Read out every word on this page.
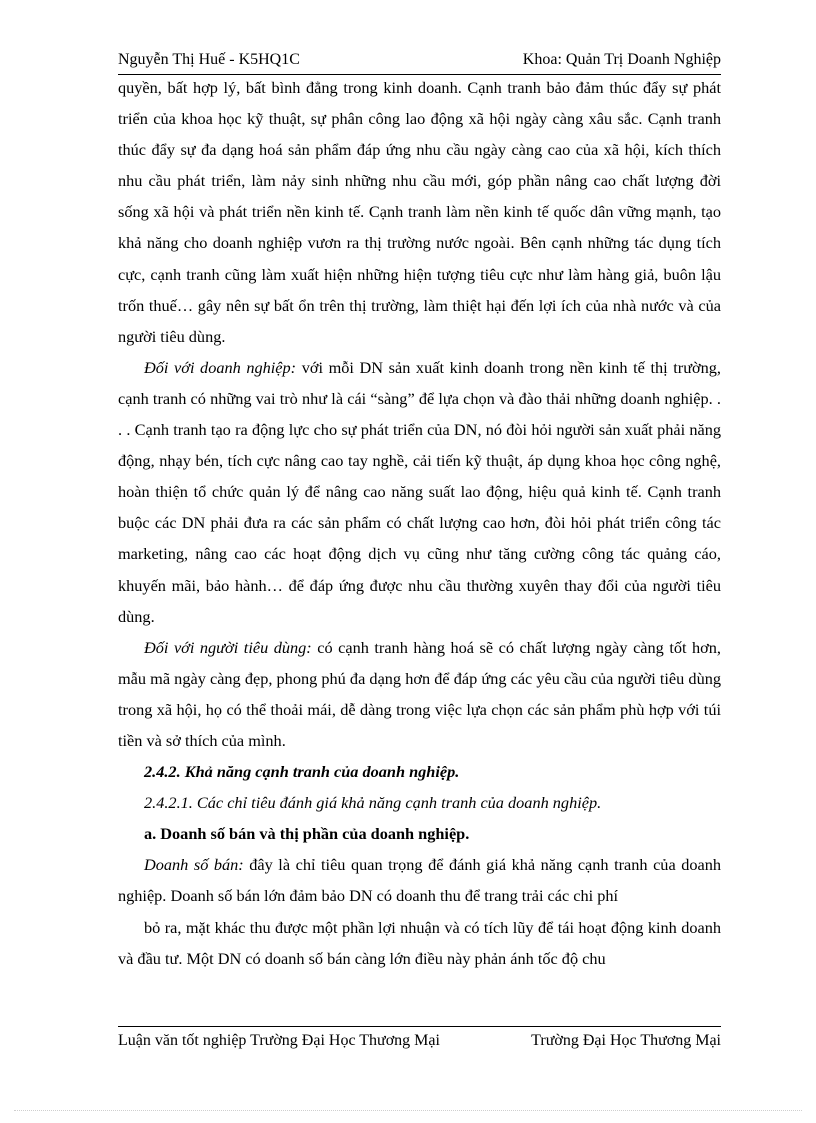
Nguyễn Thị Huế - K5HQ1C	Khoa: Quản Trị Doanh Nghiệp

quyền, bất hợp lý, bất bình đẳng trong kinh doanh. Cạnh tranh bảo đảm thúc đẩy sự phát triển của khoa học kỹ thuật, sự phân công lao động xã hội ngày càng xâu sắc. Cạnh tranh thúc đẩy sự đa dạng hoá sản phẩm đáp ứng nhu cầu ngày càng cao của xã hội, kích thích nhu cầu phát triển, làm nảy sinh những nhu cầu mới, góp phần nâng cao chất lượng đời sống xã hội và phát triển nền kinh tế. Cạnh tranh làm nền kinh tế quốc dân vững mạnh, tạo khả năng cho doanh nghiệp vươn ra thị trường nước ngoài. Bên cạnh những tác dụng tích cực, cạnh tranh cũng làm xuất hiện những hiện tượng tiêu cực như làm hàng giả, buôn lậu trốn thuế… gây nên sự bất ổn trên thị trường, làm thiệt hại đến lợi ích của nhà nước và của người tiêu dùng.

Đối với doanh nghiệp: với mỗi DN sản xuất kinh doanh trong nền kinh tế thị trường, cạnh tranh có những vai trò như là cái “sàng” để lựa chọn và đào thải những doanh nghiệp. . . . Cạnh tranh tạo ra động lực cho sự phát triển của DN, nó đòi hỏi người sản xuất phải năng động, nhạy bén, tích cực nâng cao tay nghề, cải tiến kỹ thuật, áp dụng khoa học công nghệ, hoàn thiện tổ chức quản lý để nâng cao năng suất lao động, hiệu quả kinh tế. Cạnh tranh buộc các DN phải đưa ra các sản phẩm có chất lượng cao hơn, đòi hỏi phát triển công tác marketing, nâng cao các hoạt động dịch vụ cũng như tăng cường công tác quảng cáo, khuyến mãi, bảo hành… để đáp ứng được nhu cầu thường xuyên thay đổi của người tiêu dùng.

Đối với người tiêu dùng: có cạnh tranh hàng hoá sẽ có chất lượng ngày càng tốt hơn, mẫu mã ngày càng đẹp, phong phú đa dạng hơn để đáp ứng các yêu cầu của người tiêu dùng trong xã hội, họ có thể thoải mái, dễ dàng trong việc lựa chọn các sản phẩm phù hợp với túi tiền và sở thích của mình.

2.4.2. Khả năng cạnh tranh của doanh nghiệp.

2.4.2.1. Các chỉ tiêu đánh giá khả năng cạnh tranh của doanh nghiệp.

a. Doanh số bán và thị phần của doanh nghiệp.

Doanh số bán: đây là chỉ tiêu quan trọng để đánh giá khả năng cạnh tranh của doanh nghiệp. Doanh số bán lớn đảm bảo DN có doanh thu để trang trải các chi phí

bỏ ra, mặt khác thu được một phần lợi nhuận và có tích lũy để tái hoạt động kinh doanh và đầu tư. Một DN có doanh số bán càng lớn điều này phản ánh tốc độ chu

Luận văn tốt nghiệp Trường Đại Học Thương Mại	Trường Đại Học Thương Mại
